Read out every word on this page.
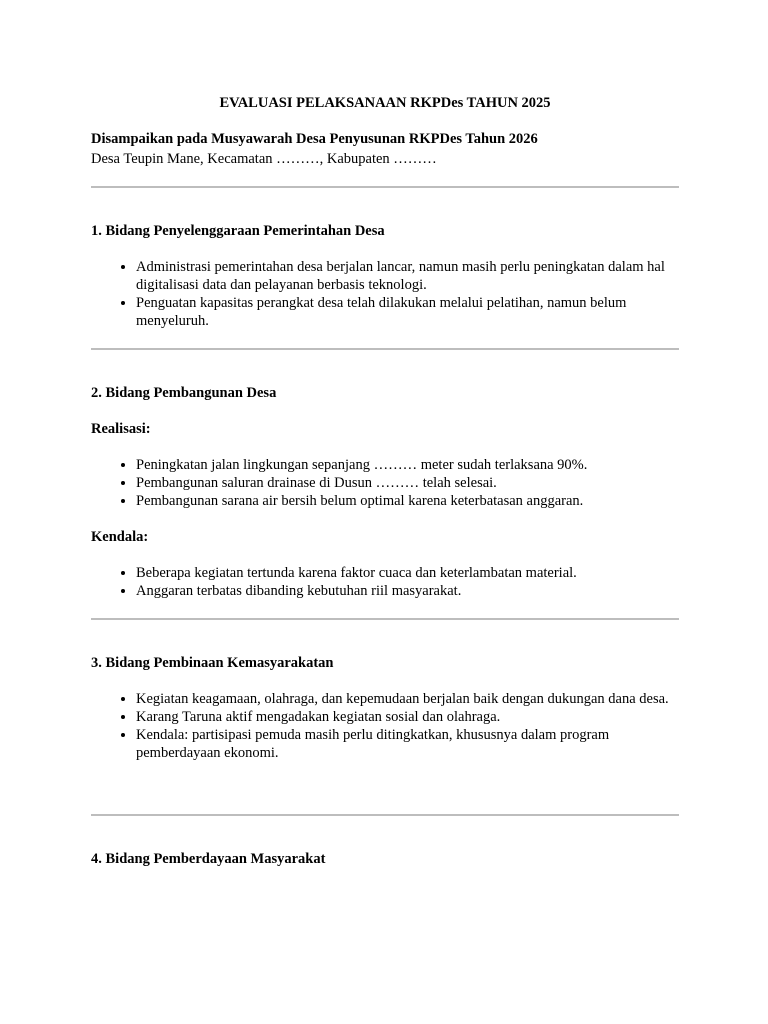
EVALUASI PELAKSANAAN RKPDes TAHUN 2025

Disampaikan pada Musyawarah Desa Penyusunan RKPDes Tahun 2026

Desa Teupin Mane, Kecamatan ………, Kabupaten ………

1. Bidang Penyelenggaraan Pemerintahan Desa

• Administrasi pemerintahan desa berjalan lancar, namun masih perlu peningkatan dalam hal digitalisasi data dan pelayanan berbasis teknologi.
• Penguatan kapasitas perangkat desa telah dilakukan melalui pelatihan, namun belum menyeluruh.

2. Bidang Pembangunan Desa

Realisasi:

• Peningkatan jalan lingkungan sepanjang ……… meter sudah terlaksana 90%.
• Pembangunan saluran drainase di Dusun ……… telah selesai.
• Pembangunan sarana air bersih belum optimal karena keterbatasan anggaran.

Kendala:

• Beberapa kegiatan tertunda karena faktor cuaca dan keterlambatan material.
• Anggaran terbatas dibanding kebutuhan riil masyarakat.

3. Bidang Pembinaan Kemasyarakatan

• Kegiatan keagamaan, olahraga, dan kepemudaan berjalan baik dengan dukungan dana desa.
• Karang Taruna aktif mengadakan kegiatan sosial dan olahraga.
• Kendala: partisipasi pemuda masih perlu ditingkatkan, khususnya dalam program pemberdayaan ekonomi.

4. Bidang Pemberdayaan Masyarakat
